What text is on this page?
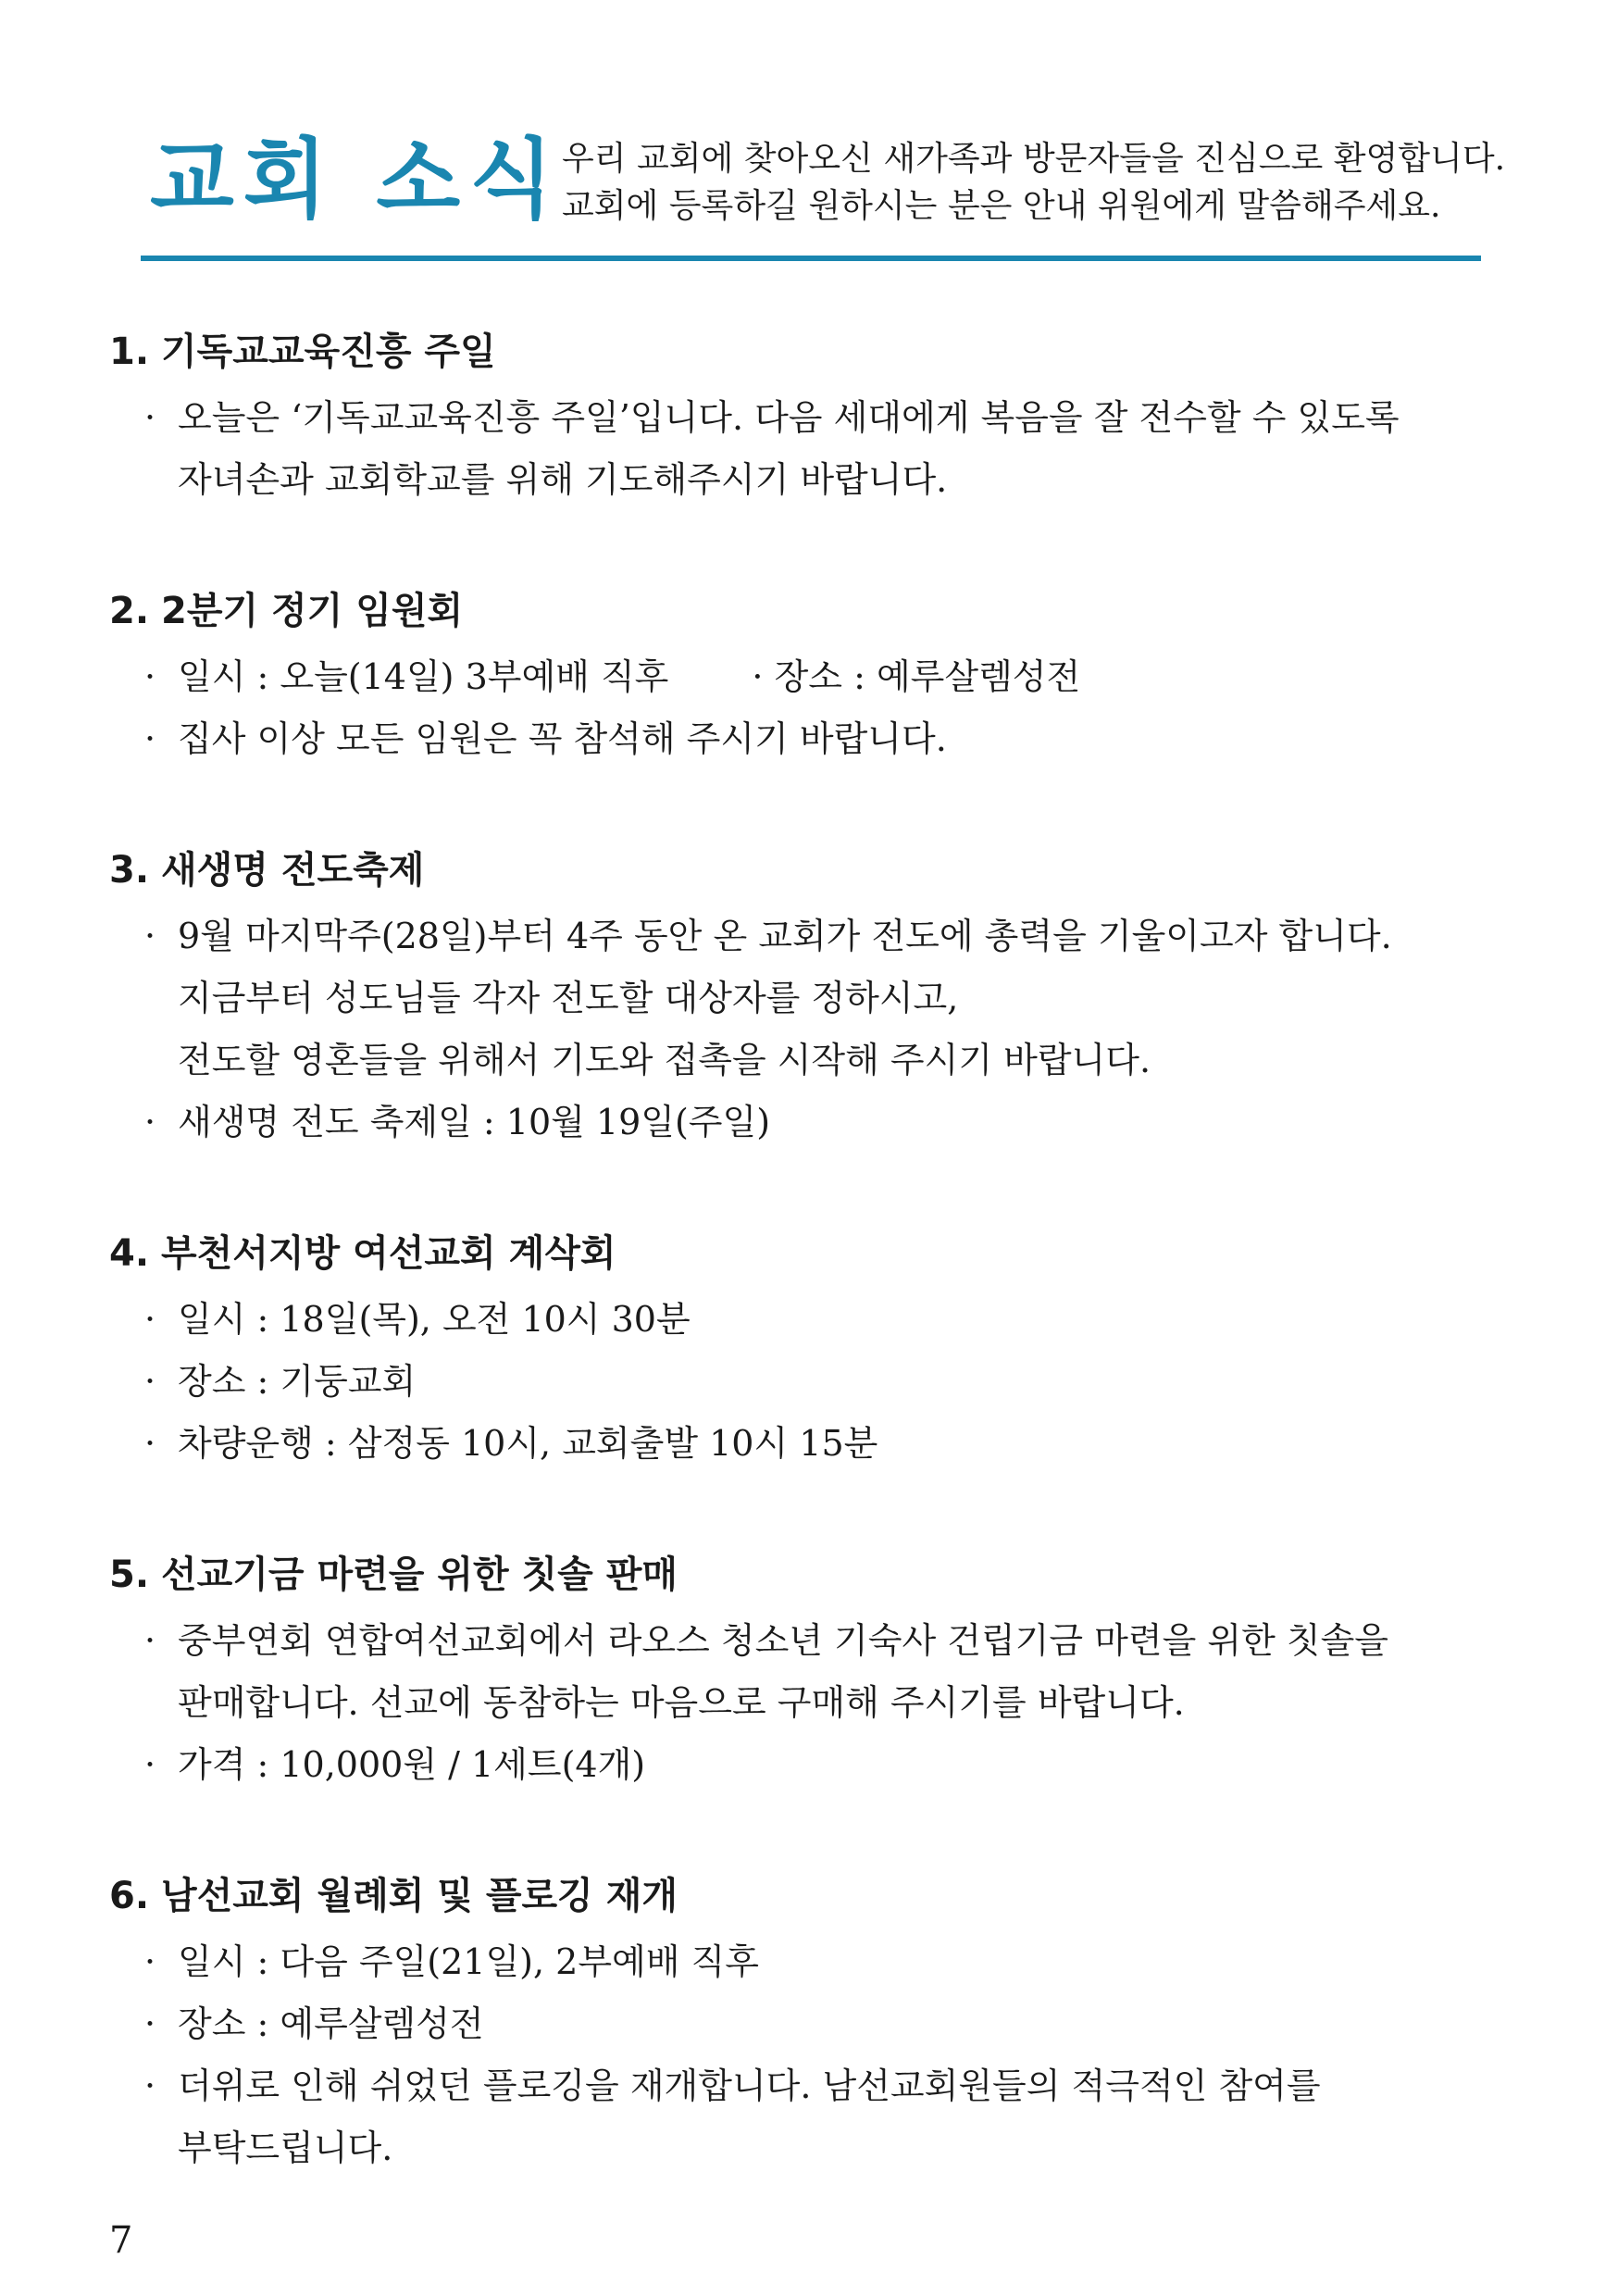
교회 소식 우리 교회에 찾아오신 새가족과 방문자들을 진심으로 환영합니다.
교회에 등록하길 원하시는 분은 안내 위원에게 말씀해주세요.
1. 기독교교육진흥 주일
· 오늘은 ‘기독교교육진흥 주일’입니다. 다음 세대에게 복음을 잘 전수할 수 있도록
자녀손과 교회학교를 위해 기도해주시기 바랍니다.
2. 2분기 정기 임원회
· 일시 : 오늘(14일) 3부예배 직후 · 장소 : 예루살렘성전
· 집사 이상 모든 임원은 꼭 참석해 주시기 바랍니다.
3. 새생명 전도축제
· 9월 마지막주(28일)부터 4주 동안 온 교회가 전도에 총력을 기울이고자 합니다.
지금부터 성도님들 각자 전도할 대상자를 정하시고,
전도할 영혼들을 위해서 기도와 접촉을 시작해 주시기 바랍니다.
· 새생명 전도 축제일 : 10월 19일(주일)
4. 부천서지방 여선교회 계삭회
· 일시 : 18일(목), 오전 10시 30분
· 장소 : 기둥교회
· 차량운행 : 삼정동 10시, 교회출발 10시 15분
5. 선교기금 마련을 위한 칫솔 판매
· 중부연회 연합여선교회에서 라오스 청소년 기숙사 건립기금 마련을 위한 칫솔을
판매합니다. 선교에 동참하는 마음으로 구매해 주시기를 바랍니다.
· 가격 : 10,000원 / 1세트(4개)
6. 남선교회 월례회 및 플로깅 재개
· 일시 : 다음 주일(21일), 2부예배 직후
· 장소 : 예루살렘성전
· 더위로 인해 쉬었던 플로깅을 재개합니다. 남선교회원들의 적극적인 참여를
부탁드립니다.
7
